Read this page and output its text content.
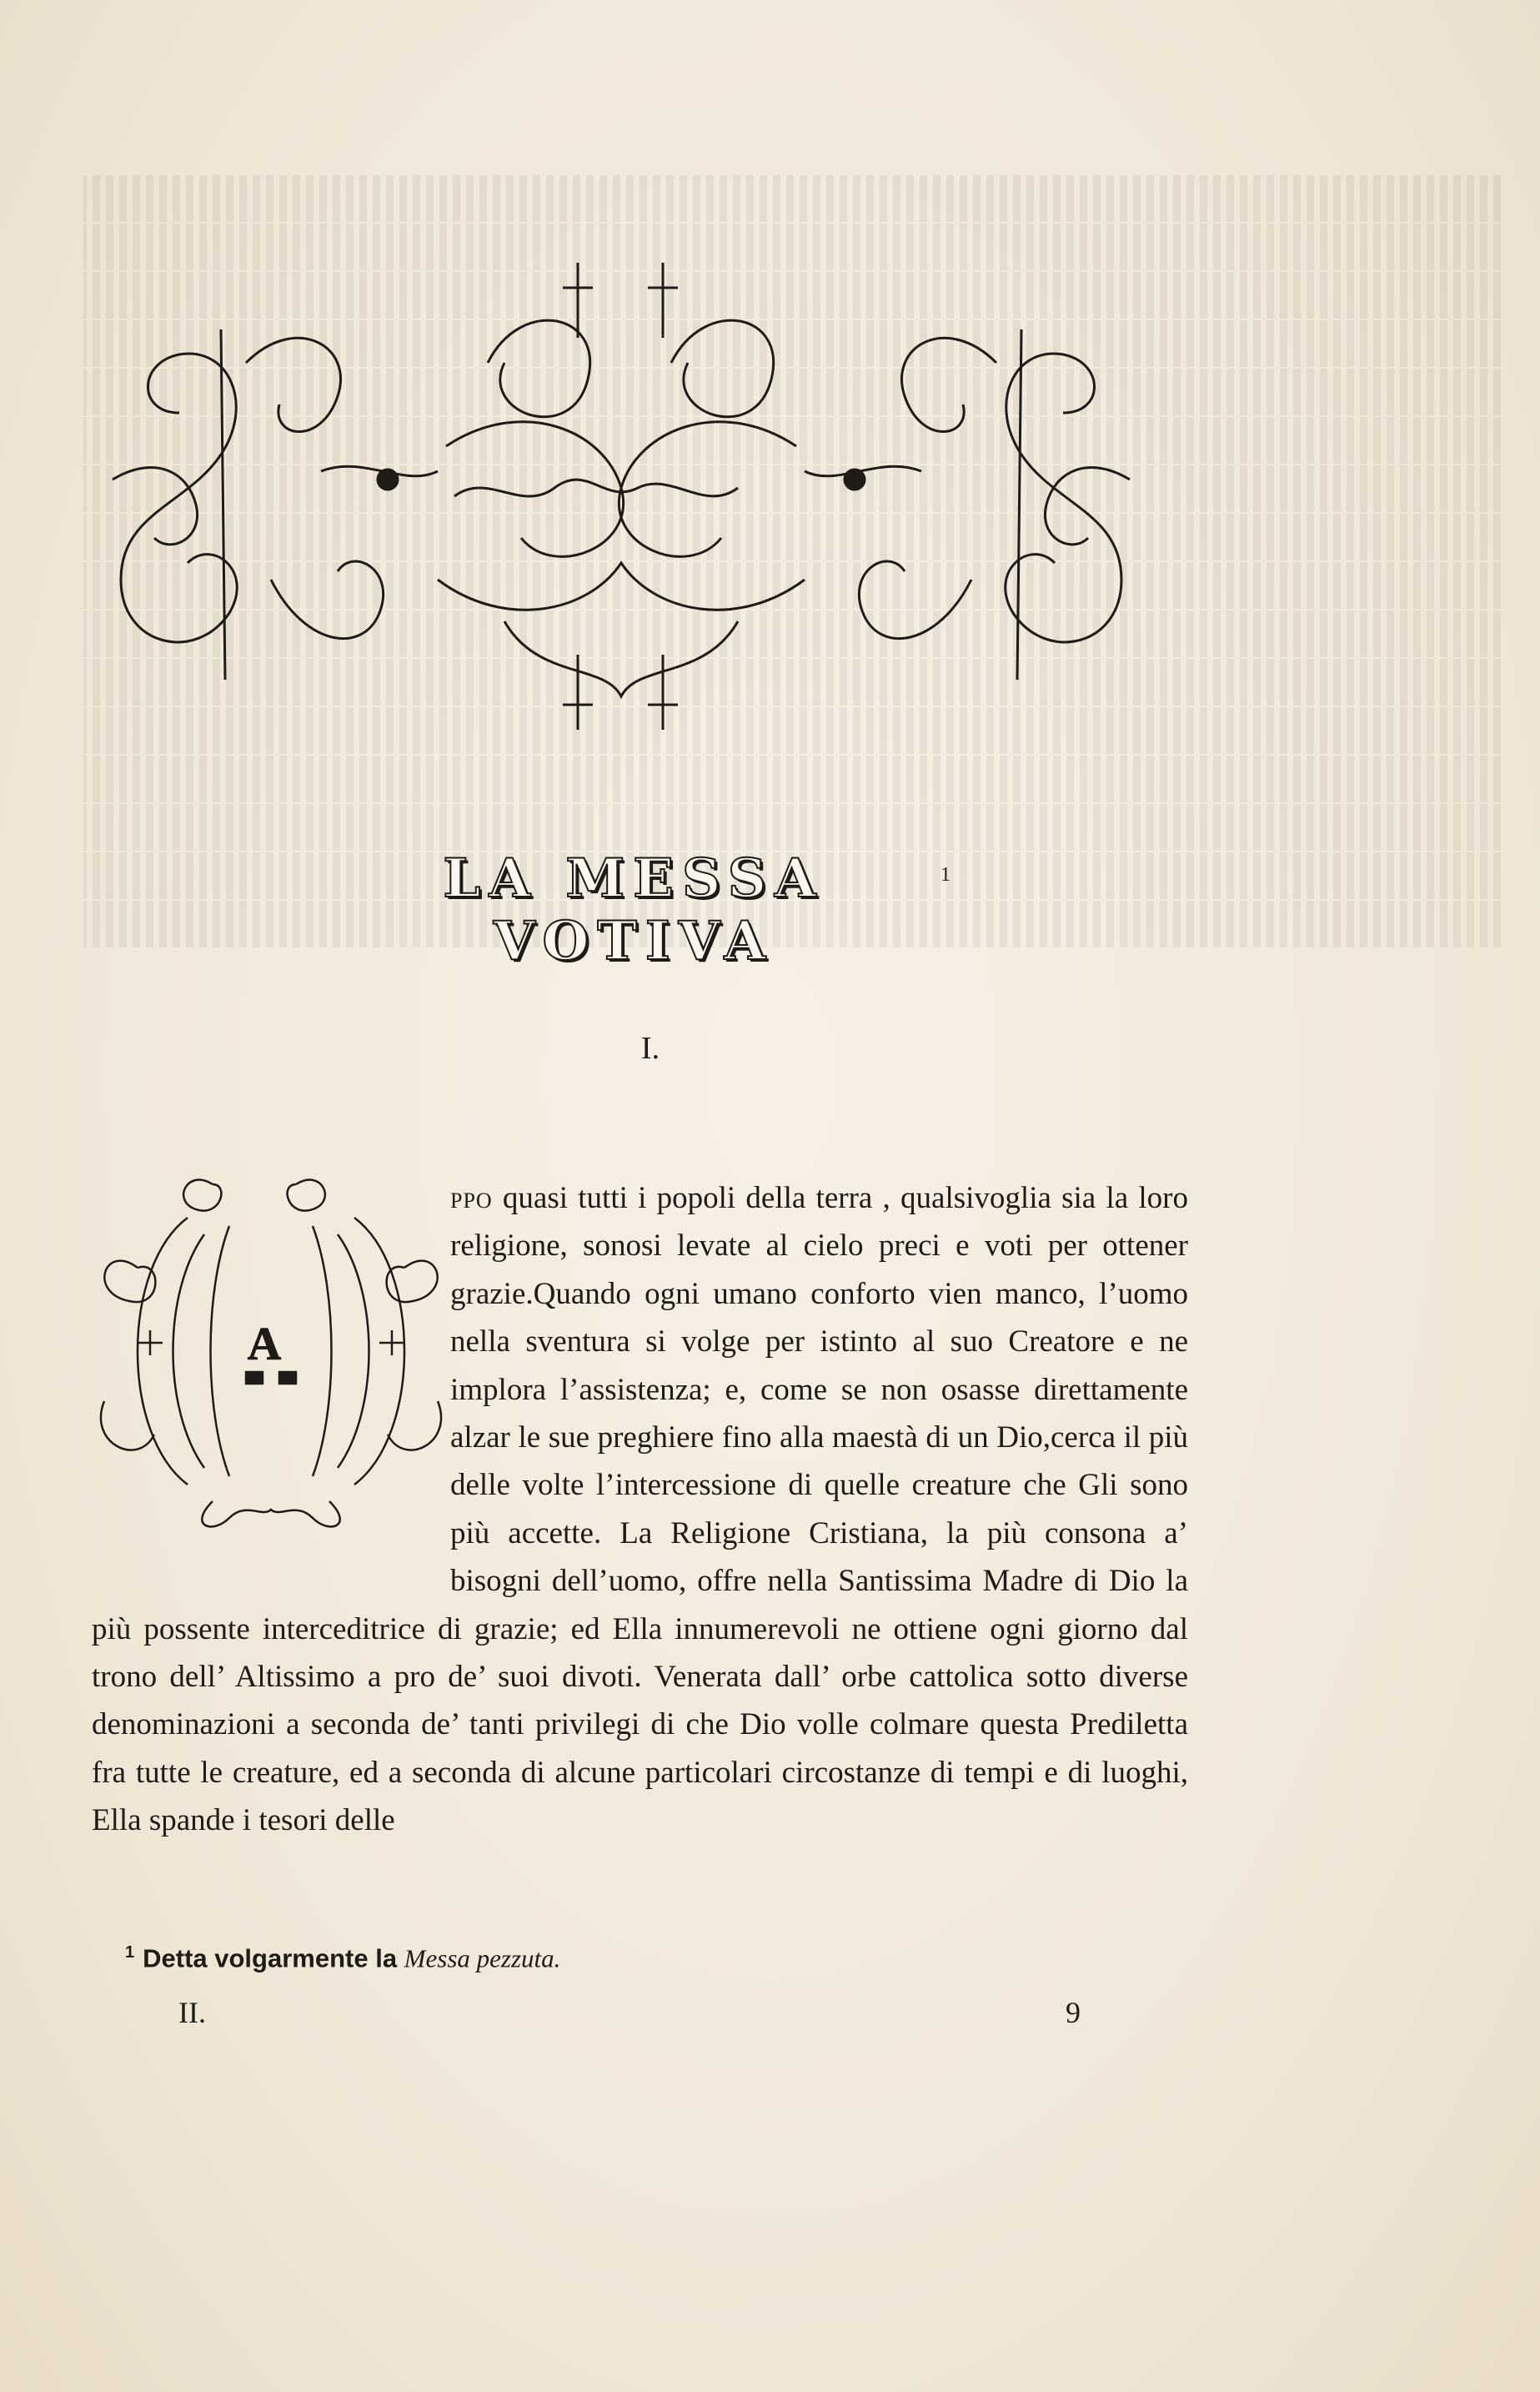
LA MESSA VOTIVA
1
I.
A
ppo quasi tutti i popoli della terra , qualsivoglia sia la loro religione, sonosi levate al cielo preci e voti per ottener grazie.Quando ogni umano conforto vien manco, l’uomo nella sventura si volge per istinto al suo Creatore e ne implora l’assistenza; e, come se non osasse direttamente alzar le sue preghiere fino alla maestà di un Dio,cerca il più delle volte l’intercessione di quelle creature che Gli sono più accette. La Religione Cristiana, la più consona a’ bisogni dell’uomo, offre nella Santissima Madre di Dio la più possente interceditrice di grazie; ed Ella innumerevoli ne ottiene ogni giorno dal trono dell’ Altissimo a pro de’ suoi divoti. Venerata dall’ orbe cattolica sotto diverse denominazioni a seconda de’ tanti privilegi di che Dio volle colmare questa Prediletta fra tutte le creature, ed a seconda di alcune particolari circostanze di tempi e di luoghi, Ella spande i tesori delle
$^1$ Detta volgarmente la Messa pezzuta.
II.	9
